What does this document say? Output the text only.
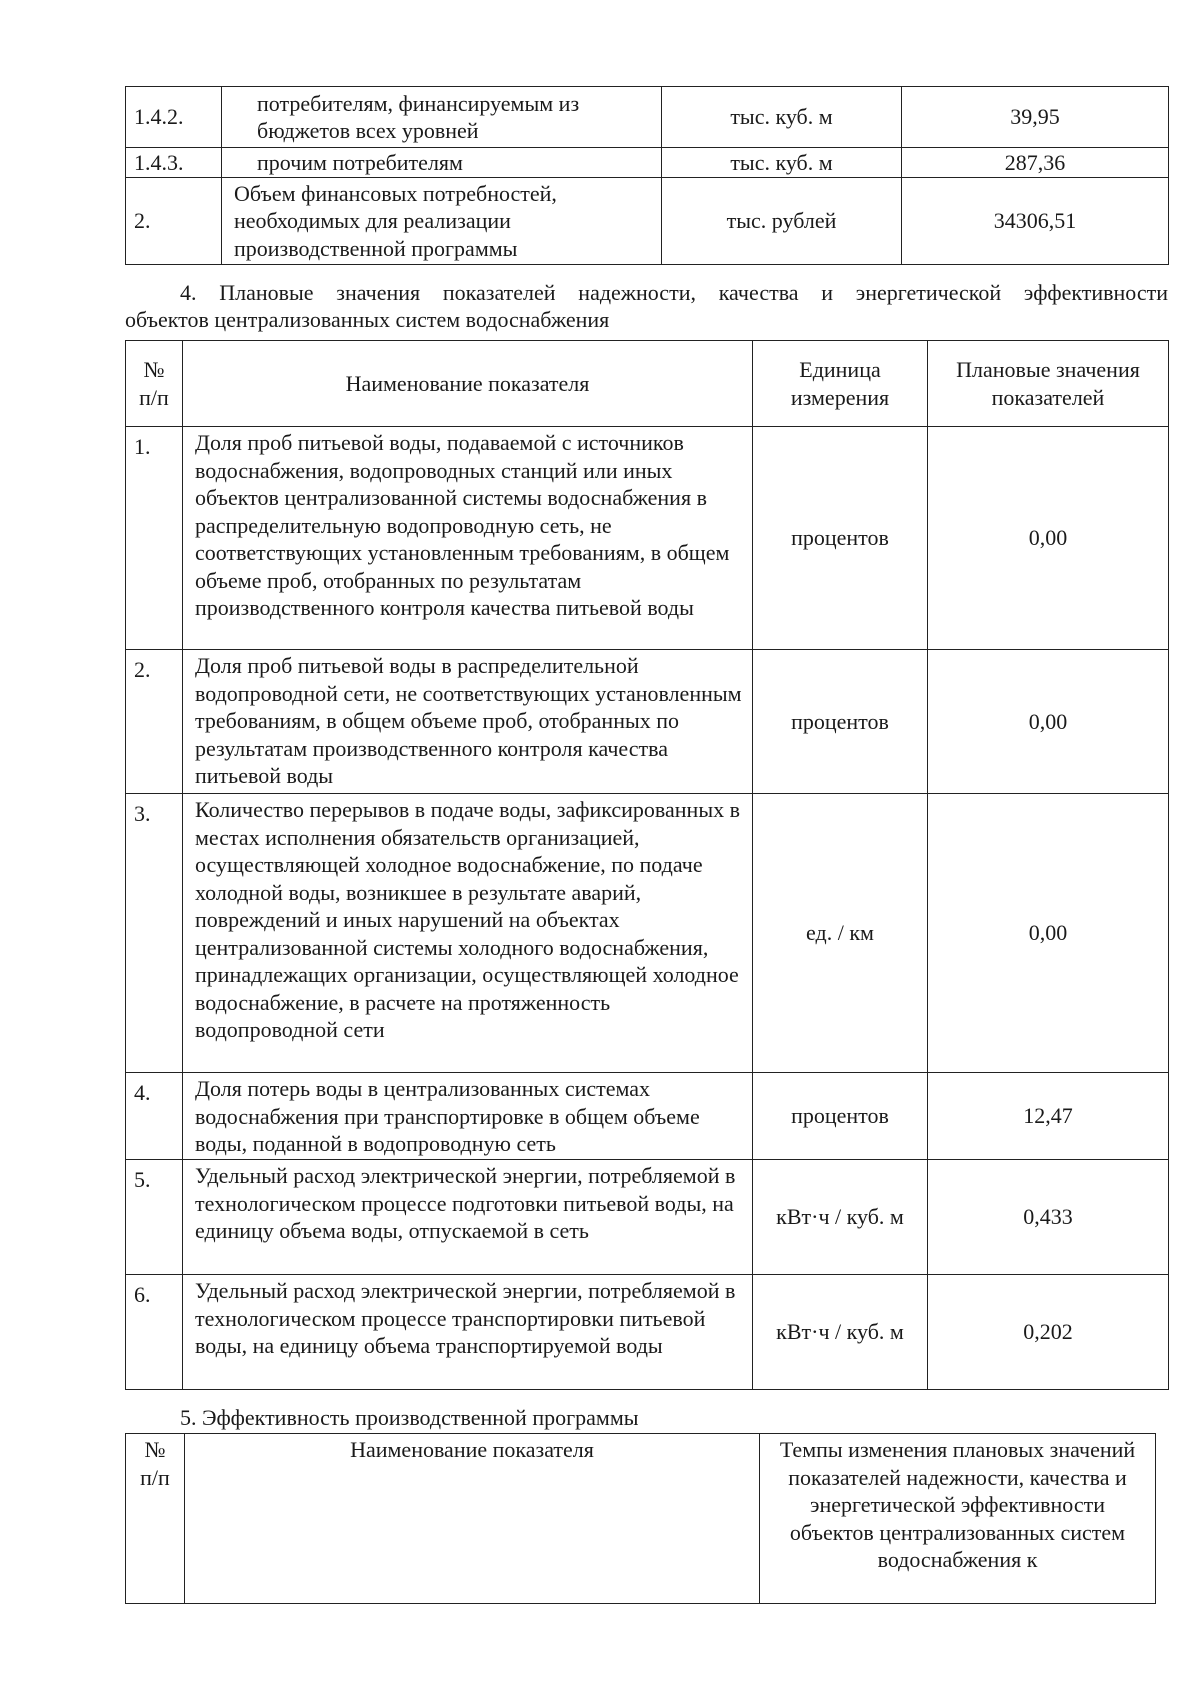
1.4.2.	потребителям, финансируемым из бюджетов всех уровней	тыс. куб. м	39,95
1.4.3.	прочим потребителям	тыс. куб. м	287,36
2.	Объем финансовых потребностей, необходимых для реализации производственной программы	тыс. рублей	34306,51
4. Плановые значения показателей надежности, качества и энергетической эффективности
объектов централизованных систем водоснабжения
№ п/п	Наименование показателя	Единица измерения	Плановые значения показателей
1.	Доля проб питьевой воды, подаваемой с источников водоснабжения, водопроводных станций или иных объектов централизованной системы водоснабжения в распределительную водопроводную сеть, не соответствующих установленным требованиям, в общем объеме проб, отобранных по результатам производственного контроля качества питьевой воды	процентов	0,00
2.	Доля проб питьевой воды в распределительной водопроводной сети, не соответствующих установленным требованиям, в общем объеме проб, отобранных по результатам производственного контроля качества питьевой воды	процентов	0,00
3.	Количество перерывов в подаче воды, зафиксированных в местах исполнения обязательств организацией, осуществляющей холодное водоснабжение, по подаче холодной воды, возникшее в результате аварий, повреждений и иных нарушений на объектах централизованной системы холодного водоснабжения, принадлежащих организации, осуществляющей холодное водоснабжение, в расчете на протяженность водопроводной сети	ед. / км	0,00
4.	Доля потерь воды в централизованных системах водоснабжения при транспортировке в общем объеме воды, поданной в водопроводную сеть	процентов	12,47
5.	Удельный расход электрической энергии, потребляемой в технологическом процессе подготовки питьевой воды, на единицу объема воды, отпускаемой в сеть	кВт·ч / куб. м	0,433
6.	Удельный расход электрической энергии, потребляемой в технологическом процессе транспортировки питьевой воды, на единицу объема транспортируемой воды	кВт·ч / куб. м	0,202
5. Эффективность производственной программы
№ п/п	Наименование показателя	Темпы изменения плановых значений показателей надежности, качества и энергетической эффективности объектов централизованных систем водоснабжения к
